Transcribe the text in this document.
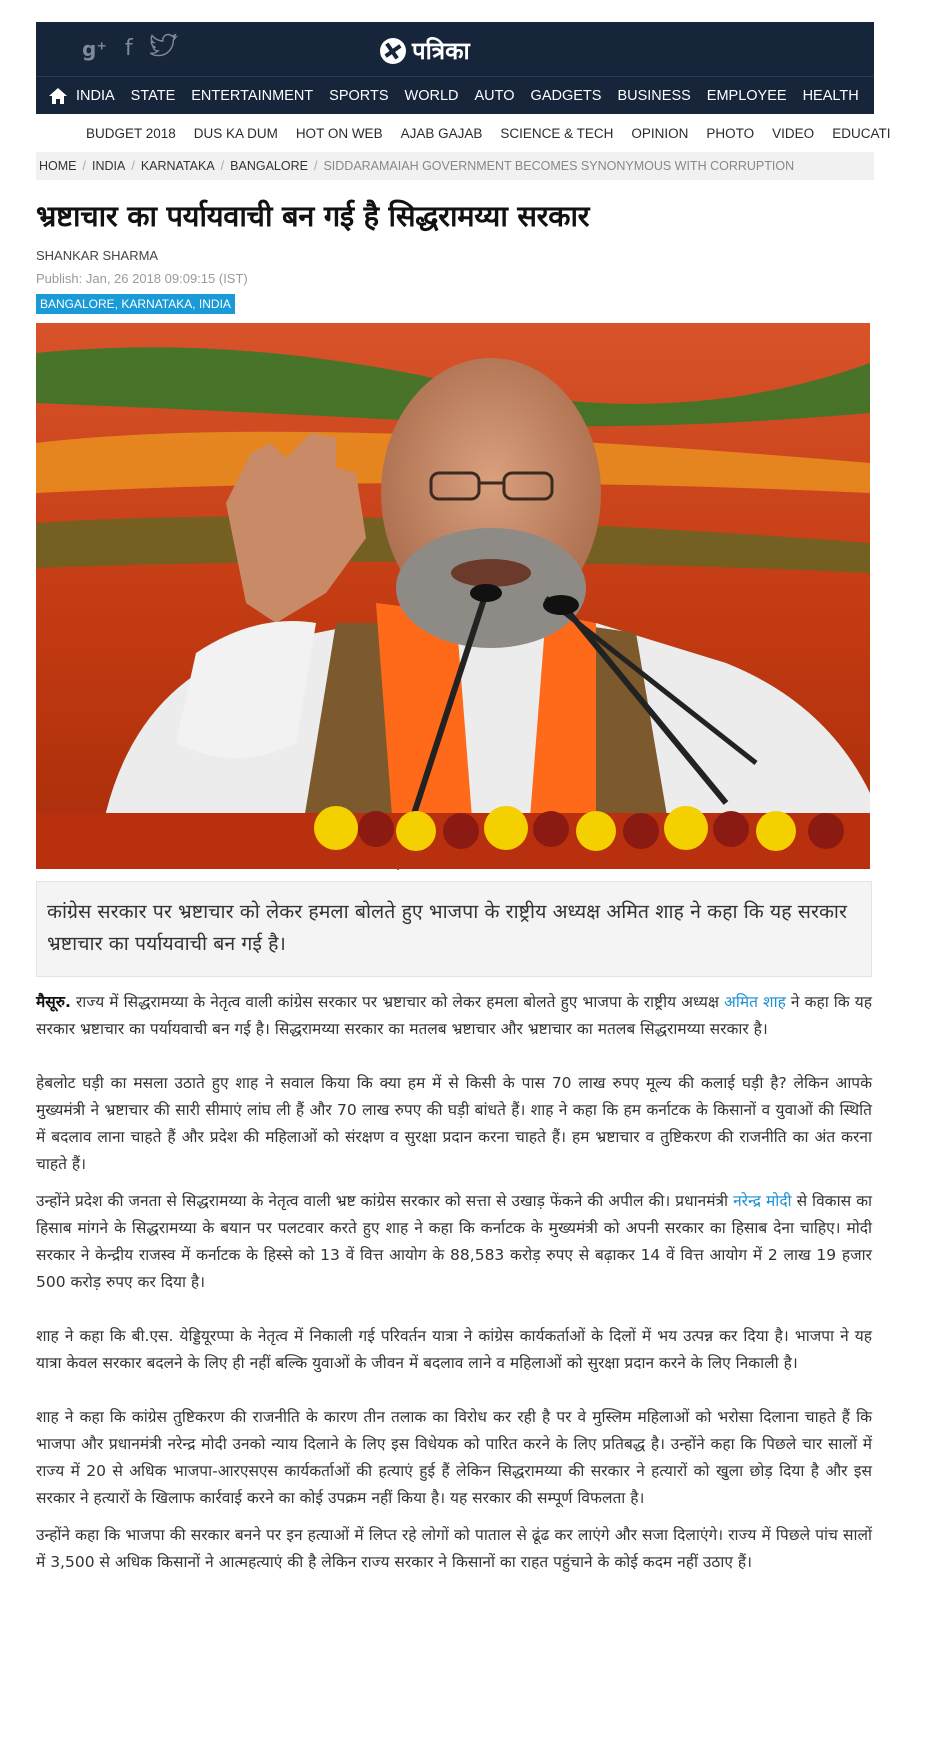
g⁺ f	पत्रिका
INDIA STATE ENTERTAINMENT SPORTS WORLD AUTO GADGETS BUSINESS EMPLOYEE HEALTH A
BUDGET 2018 DUS KA DUM HOT ON WEB AJAB GAJAB SCIENCE & TECH OPINION PHOTO VIDEO EDUCATI
HOME / INDIA / KARNATAKA / BANGALORE / SIDDARAMAIAH GOVERNMENT BECOMES SYNONYMOUS WITH CORRUPTION
भ्रष्टाचार का पर्यायवाची बन गई है सिद्धरामय्या सरकार
SHANKAR SHARMA
Publish: Jan, 26 2018 09:09:15 (IST)
BANGALORE, KARNATAKA, INDIA
कांग्रेस सरकार पर भ्रष्टाचार को लेकर हमला बोलते हुए भाजपा के राष्ट्रीय अध्यक्ष अमित शाह ने कहा कि यह सरकार भ्रष्टाचार का पर्यायवाची बन गई है।

मैसूरु. राज्य में सिद्धरामय्या के नेतृत्व वाली कांग्रेस सरकार पर भ्रष्टाचार को लेकर हमला बोलते हुए भाजपा के राष्ट्रीय अध्यक्ष अमित शाह ने कहा कि यह सरकार भ्रष्टाचार का पर्यायवाची बन गई है। सिद्धरामय्या सरकार का मतलब भ्रष्टाचार और भ्रष्टाचार का मतलब सिद्धरामय्या सरकार है।

हेबलोट घड़ी का मसला उठाते हुए शाह ने सवाल किया कि क्या हम में से किसी के पास 70 लाख रुपए मूल्य की कलाई घड़ी है? लेकिन आपके मुख्यमंत्री ने भ्रष्टाचार की सारी सीमाएं लांघ ली हैं और 70 लाख रुपए की घड़ी बांधते हैं। शाह ने कहा कि हम कर्नाटक के किसानों व युवाओं की स्थिति में बदलाव लाना चाहते हैं और प्रदेश की महिलाओं को संरक्षण व सुरक्षा प्रदान करना चाहते हैं। हम भ्रष्टाचार व तुष्टिकरण की राजनीति का अंत करना चाहते हैं।

उन्होंने प्रदेश की जनता से सिद्धरामय्या के नेतृत्व वाली भ्रष्ट कांग्रेस सरकार को सत्ता से उखाड़ फेंकने की अपील की। प्रधानमंत्री नरेन्द्र मोदी से विकास का हिसाब मांगने के सिद्धरामय्या के बयान पर पलटवार करते हुए शाह ने कहा कि कर्नाटक के मुख्यमंत्री को अपनी सरकार का हिसाब देना चाहिए। मोदी सरकार ने केन्द्रीय राजस्व में कर्नाटक के हिस्से को 13 वें वित्त आयोग के 88,583 करोड़ रुपए से बढ़ाकर 14 वें वित्त आयोग में 2 लाख 19 हजार 500 करोड़ रुपए कर दिया है।

शाह ने कहा कि बी.एस. येड्डियूरप्पा के नेतृत्व में निकाली गई परिवर्तन यात्रा ने कांग्रेस कार्यकर्ताओं के दिलों में भय उत्पन्न कर दिया है। भाजपा ने यह यात्रा केवल सरकार बदलने के लिए ही नहीं बल्कि युवाओं के जीवन में बदलाव लाने व महिलाओं को सुरक्षा प्रदान करने के लिए निकाली है।

शाह ने कहा कि कांग्रेस तुष्टिकरण की राजनीति के कारण तीन तलाक का विरोध कर रही है पर वे मुस्लिम महिलाओं को भरोसा दिलाना चाहते हैं कि भाजपा और प्रधानमंत्री नरेन्द्र मोदी उनको न्याय दिलाने के लिए इस विधेयक को पारित करने के लिए प्रतिबद्ध है। उन्होंने कहा कि पिछले चार सालों में राज्य में 20 से अधिक भाजपा-आरएसएस कार्यकर्ताओं की हत्याएं हुई हैं लेकिन सिद्धरामय्या की सरकार ने हत्यारों को खुला छोड़ दिया है और इस सरकार ने हत्यारों के खिलाफ कार्रवाई करने का कोई उपक्रम नहीं किया है। यह सरकार की सम्पूर्ण विफलता है।

उन्होंने कहा कि भाजपा की सरकार बनने पर इन हत्याओं में लिप्त रहे लोगों को पाताल से ढूंढ कर लाएंगे और सजा दिलाएंगे। राज्य में पिछले पांच सालों में 3,500 से अधिक किसानों ने आत्महत्याएं की है लेकिन राज्य सरकार ने किसानों का राहत पहुंचाने के कोई कदम नहीं उठाए हैं।
